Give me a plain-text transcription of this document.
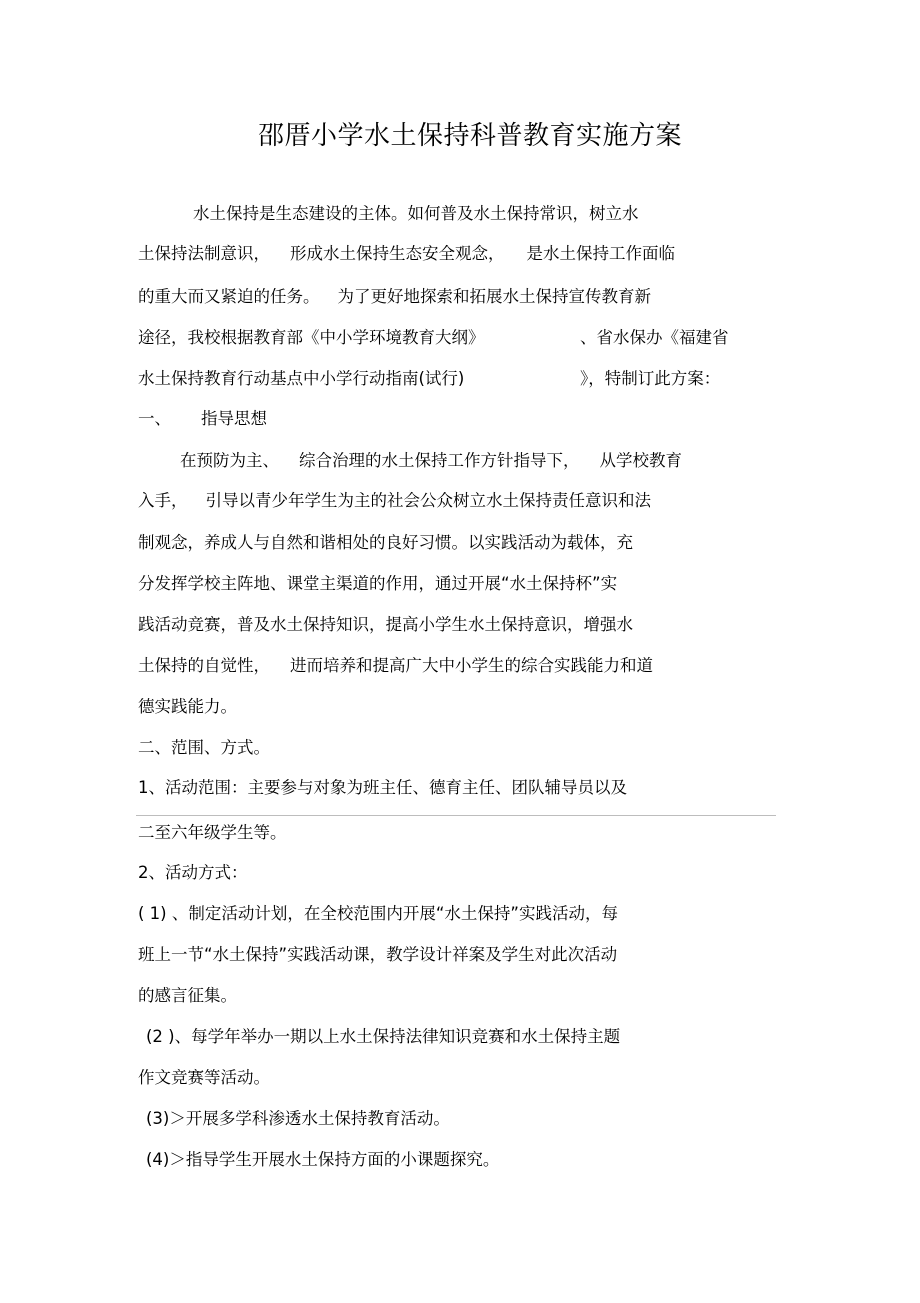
邵厝小学水土保持科普教育实施方案
水土保持是生态建设的主体。如何普及水土保持常识，树立水
土保持法制意识， 形成水土保持生态安全观念， 是水土保持工作面临
的重大而又紧迫的任务。 为了更好地探索和拓展水土保持宣传教育新
途径，我校根据教育部《中小学环境教育大纲》	、省水保办《福建省
水土保持教育行动基点中小学行动指南(试行)	》，特制订此方案：
一、 指导思想
在预防为主、 综合治理的水土保持工作方针指导下， 从学校教育
入手， 引导以青少年学生为主的社会公众树立水土保持责任意识和法
制观念，养成人与自然和谐相处的良好习惯。以实践活动为载体，充
分发挥学校主阵地、课堂主渠道的作用，通过开展“水土保持杯”实
践活动竞赛，普及水土保持知识，提高小学生水土保持意识，增强水
土保持的自觉性， 进而培养和提高广大中小学生的综合实践能力和道
德实践能力。
二、范围、方式。
1、活动范围：主要参与对象为班主任、德育主任、团队辅导员以及
二至六年级学生等。
2、活动方式：
( 1) 、制定活动计划，在全校范围内开展“水土保持”实践活动，每
班上一节“水土保持”实践活动课，教学设计祥案及学生对此次活动
的感言征集。
(2 )、每学年举办一期以上水土保持法律知识竞赛和水土保持主题
作文竞赛等活动。
(3)＞开展多学科渗透水土保持教育活动。
(4)＞指导学生开展水土保持方面的小课题探究。
